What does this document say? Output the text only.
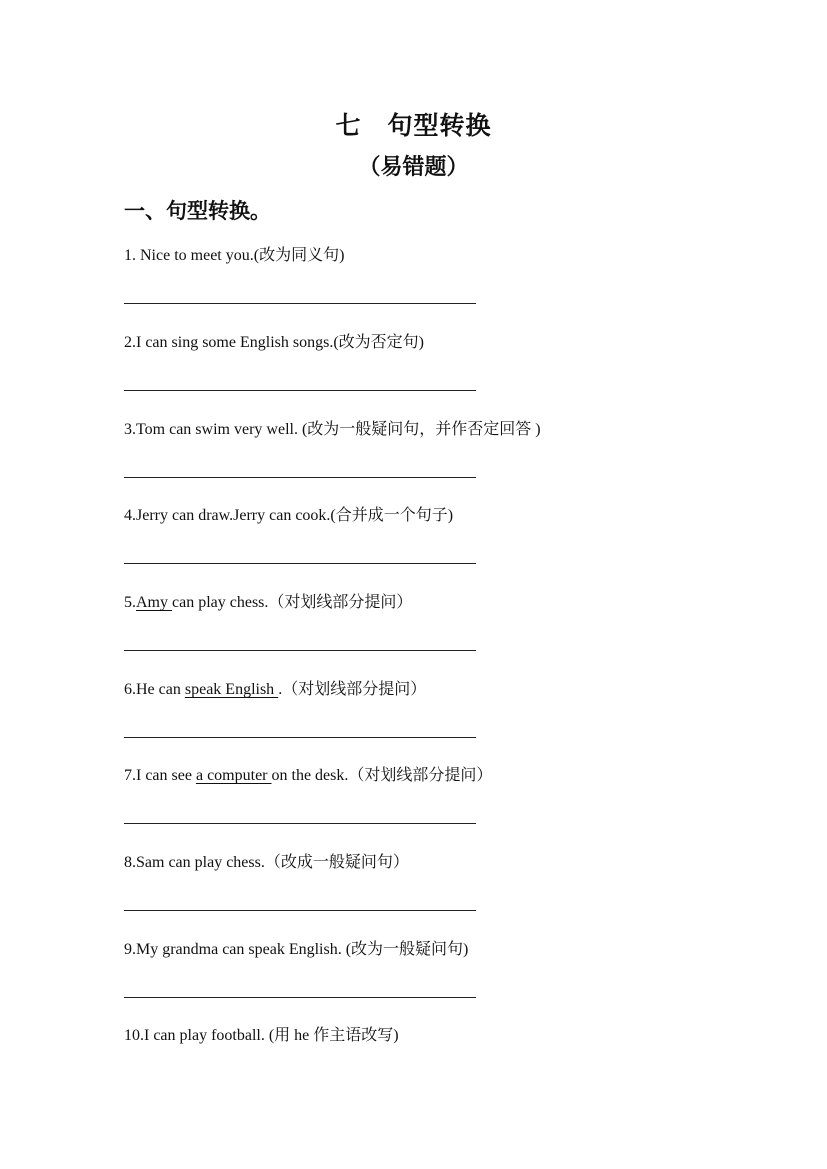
七　句型转换
（易错题）
一、句型转换。
1. Nice to meet you.(改为同义句)
2.I can sing some English songs.(改为否定句)
3.Tom can swim very well. (改为一般疑问句，并作否定回答 )
4.Jerry can draw.Jerry can cook.(合并成一个句子)
5.Amy can play chess.（对划线部分提问）
6.He can speak English .（对划线部分提问）
7.I can see a computer on the desk.（对划线部分提问）
8.Sam can play chess.（改成一般疑问句）
9.My grandma can speak English. (改为一般疑问句)
10.I can play football. (用 he 作主语改写)
